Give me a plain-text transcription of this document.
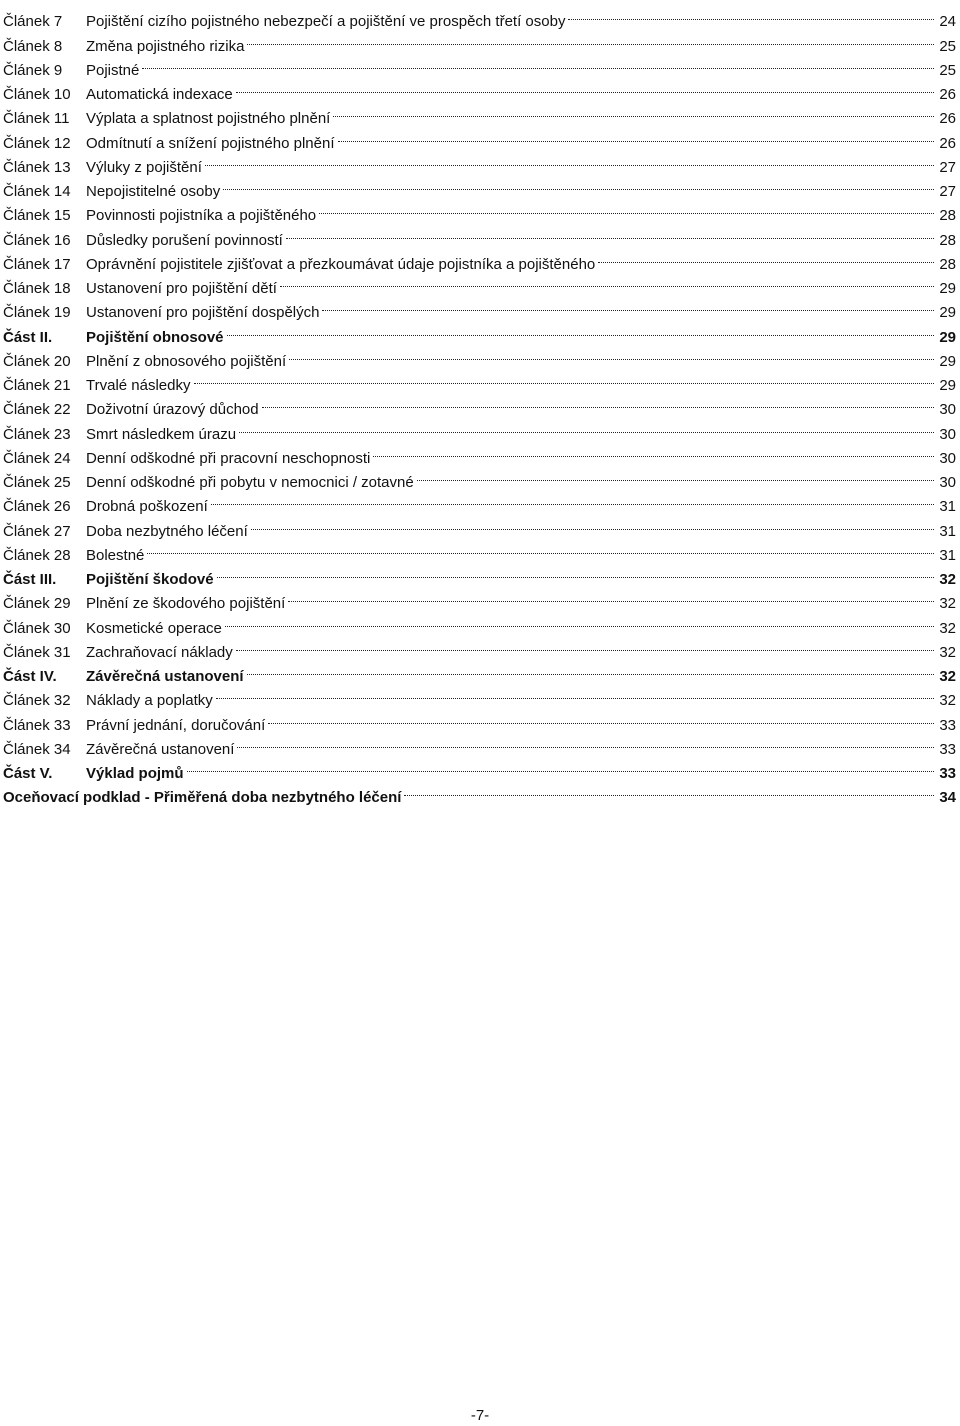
Článek 7	Pojištění cizího pojistného nebezpečí a pojištění ve prospěch třetí osoby	24
Článek 8	Změna pojistného rizika	25
Článek 9	Pojistné	25
Článek 10	Automatická indexace	26
Článek 11	Výplata a splatnost pojistného plnění	26
Článek 12	Odmítnutí a snížení pojistného plnění	26
Článek 13	Výluky z pojištění	27
Článek 14	Nepojistitelné osoby	27
Článek 15	Povinnosti pojistníka a pojištěného	28
Článek 16	Důsledky porušení povinností	28
Článek 17	Oprávnění pojistitele zjišťovat a přezkoumávat údaje pojistníka a pojištěného	28
Článek 18	Ustanovení pro pojištění dětí	29
Článek 19	Ustanovení pro pojištění dospělých	29
Část II.	Pojištění obnosové	29
Článek 20	Plnění z obnosového pojištění	29
Článek 21	Trvalé následky	29
Článek 22	Doživotní úrazový důchod	30
Článek 23	Smrt následkem úrazu	30
Článek 24	Denní odškodné při pracovní neschopnosti	30
Článek 25	Denní odškodné při pobytu v nemocnici / zotavné	30
Článek 26	Drobná poškození	31
Článek 27	Doba nezbytného léčení	31
Článek 28	Bolestné	31
Část III.	Pojištění škodové	32
Článek 29	Plnění ze škodového pojištění	32
Článek 30	Kosmetické operace	32
Článek 31	Zachraňovací náklady	32
Část IV.	Závěrečná ustanovení	32
Článek 32	Náklady a poplatky	32
Článek 33	Právní jednání, doručování	33
Článek 34	Závěrečná ustanovení	33
Část V.	Výklad pojmů	33
Oceňovací podklad - Přiměřená doba nezbytného léčení	34
-7-
